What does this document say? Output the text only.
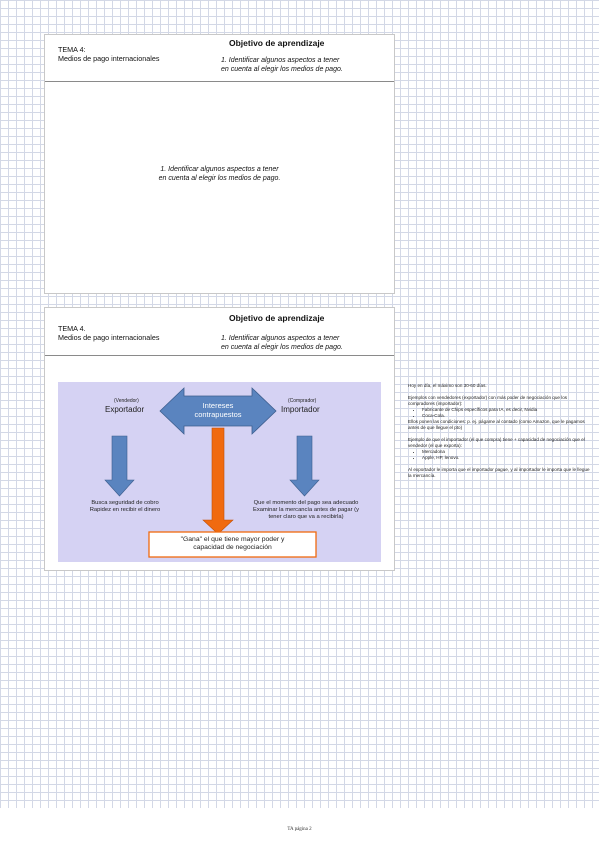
Objetivo de aprendizaje
TEMA 4:
Medios de pago internacionales	1. Identificar algunos aspectos a tener
en cuenta al elegir los medios de pago.
1. Identificar algunos aspectos a tener
en cuenta al elegir los medios de pago.
Objetivo de aprendizaje
TEMA 4.
Medios de pago internacionales	1. Identificar algunos aspectos a tener
en cuenta al elegir los medios de pago.
(Vendedor)
Exportador
(Comprador)
Importador
Intereses
contrapuestos
Busca seguridad de cobro
Rapidez en recibir el dinero
Que el momento del pago sea adecuado
Examinar la mercancía antes de pagar (y
tener claro que va a recibirla)
"Gana" el que tiene mayor poder y
capacidad de negociación

Hoy en día, el máximo son 30-60 días.

Ejemplos con vendedores (exportador) con más poder de negociación que los compradores (importador):
• Fabricante de Chips específicos para IA, es decir, Nvidia
• Coca-Cola.
Ellos ponen las condiciones: p. ej. págame al contado (como Amazon, que le pagamos antes de que llegue el pto)
Ejemplo de que el importador (el que compra) tiene + capacidad de negociación que el vendedor (el que exporta):
• Mercadona
• Apple, HP, lenovo.

Al exportador le importa que el importador pague, y al importador le importa que le llegue la mercancía.

TA página 2
